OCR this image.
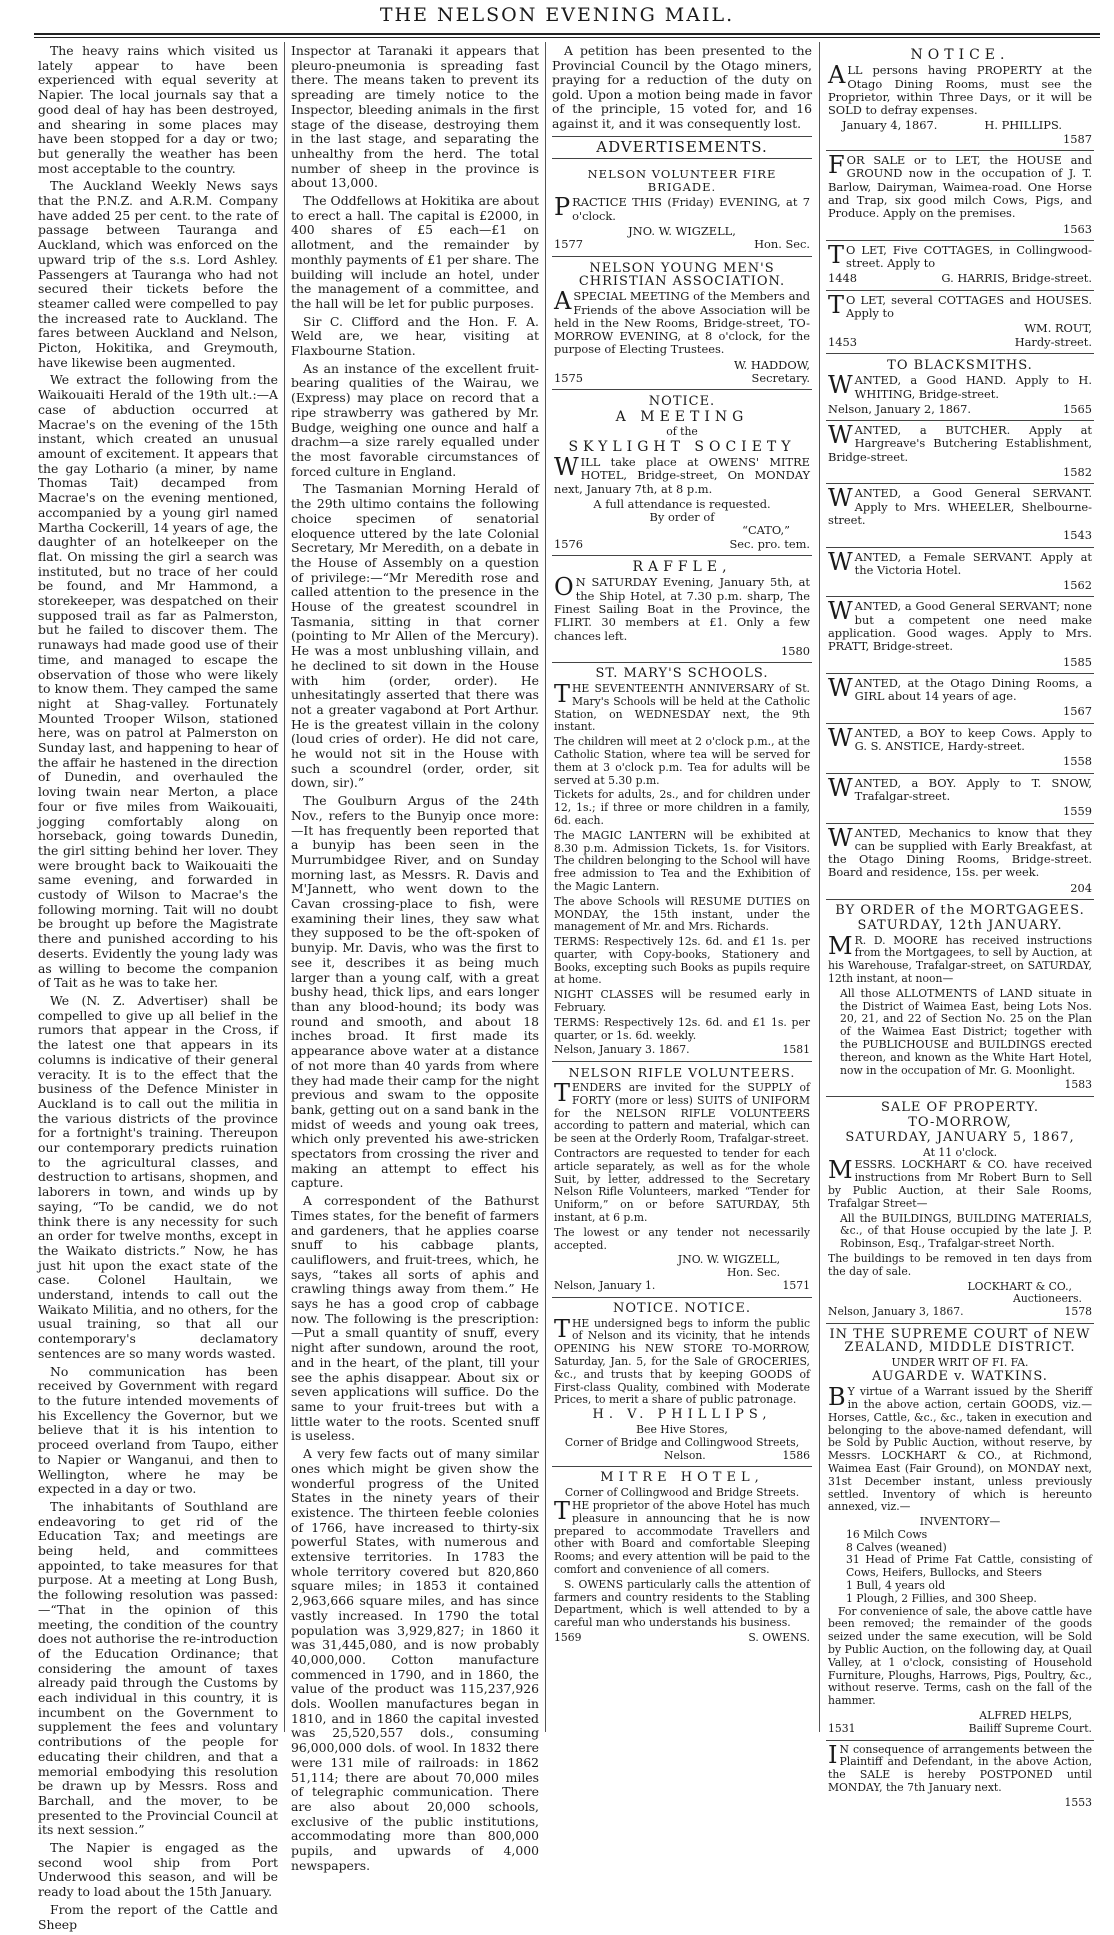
THE NELSON EVENING MAIL.

The heavy rains which visited us lately appear to have been experienced with equal severity at Napier. The local journals say that a good deal of hay has been destroyed, and shearing in some places may have been stopped for a day or two; but generally the weather has been most acceptable to the country.

The Auckland Weekly News says that the P.N.Z. and A.R.M. Company have added 25 per cent. to the rate of passage between Tauranga and Auckland, which was enforced on the upward trip of the s.s. Lord Ashley. Passengers at Tauranga who had not secured their tickets before the steamer called were compelled to pay the increased rate to Auckland. The fares between Auckland and Nelson, Picton, Hokitika, and Greymouth, have likewise been augmented.

We extract the following from the Waikouaiti Herald of the 19th ult.:—A case of abduction occurred at Macrae's on the evening of the 15th instant, which created an unusual amount of excitement. It appears that the gay Lothario (a miner, by name Thomas Tait) decamped from Macrae's on the evening mentioned, accompanied by a young girl named Martha Cockerill, 14 years of age, the daughter of an hotelkeeper on the flat. On missing the girl a search was instituted, but no trace of her could be found, and Mr Hammond, a storekeeper, was despatched on their supposed trail as far as Palmerston, but he failed to discover them. The runaways had made good use of their time, and managed to escape the observation of those who were likely to know them. They camped the same night at Shag-valley. Fortunately Mounted Trooper Wilson, stationed here, was on patrol at Palmerston on Sunday last, and happening to hear of the affair he hastened in the direction of Dunedin, and overhauled the loving twain near Merton, a place four or five miles from Waikouaiti, jogging comfortably along on horseback, going towards Dunedin, the girl sitting behind her lover. They were brought back to Waikouaiti the same evening, and forwarded in custody of Wilson to Macrae's the following morning. Tait will no doubt be brought up before the Magistrate there and punished according to his deserts. Evidently the young lady was as willing to become the companion of Tait as he was to take her.

We (N. Z. Advertiser) shall be compelled to give up all belief in the rumors that appear in the Cross, if the latest one that appears in its columns is indicative of their general veracity. It is to the effect that the business of the Defence Minister in Auckland is to call out the militia in the various districts of the province for a fortnight's training. Thereupon our contemporary predicts ruination to the agricultural classes, and destruction to artisans, shopmen, and laborers in town, and winds up by saying, “To be candid, we do not think there is any necessity for such an order for twelve months, except in the Waikato districts.” Now, he has just hit upon the exact state of the case. Colonel Haultain, we understand, intends to call out the Waikato Militia, and no others, for the usual training, so that all our contemporary's declamatory sentences are so many words wasted.

No communication has been received by Government with regard to the future intended movements of his Excellency the Governor, but we believe that it is his intention to proceed overland from Taupo, either to Napier or Wanganui, and then to Wellington, where he may be expected in a day or two.

The inhabitants of Southland are endeavoring to get rid of the Education Tax; and meetings are being held, and committees appointed, to take measures for that purpose. At a meeting at Long Bush, the following resolution was passed:—“That in the opinion of this meeting, the condition of the country does not authorise the re-introduction of the Education Ordinance; that considering the amount of taxes already paid through the Customs by each individual in this country, it is incumbent on the Government to supplement the fees and voluntary contributions of the people for educating their children, and that a memorial embodying this resolution be drawn up by Messrs. Ross and Barchall, and the mover, to be presented to the Provincial Council at its next session.”

The Napier is engaged as the second wool ship from Port Underwood this season, and will be ready to load about the 15th January.

From the report of the Cattle and Sheep

Inspector at Taranaki it appears that pleuro-pneumonia is spreading fast there. The means taken to prevent its spreading are timely notice to the Inspector, bleeding animals in the first stage of the disease, destroying them in the last stage, and separating the unhealthy from the herd. The total number of sheep in the province is about 13,000.

The Oddfellows at Hokitika are about to erect a hall. The capital is £2000, in 400 shares of £5 each—£1 on allotment, and the remainder by monthly payments of £1 per share. The building will include an hotel, under the management of a committee, and the hall will be let for public purposes.

Sir C. Clifford and the Hon. F. A. Weld are, we hear, visiting at Flaxbourne Station.

As an instance of the excellent fruit-bearing qualities of the Wairau, we (Express) may place on record that a ripe strawberry was gathered by Mr. Budge, weighing one ounce and half a drachm—a size rarely equalled under the most favorable circumstances of forced culture in England.

The Tasmanian Morning Herald of the 29th ultimo contains the following choice specimen of senatorial eloquence uttered by the late Colonial Secretary, Mr Meredith, on a debate in the House of Assembly on a question of privilege:—“Mr Meredith rose and called attention to the presence in the House of the greatest scoundrel in Tasmania, sitting in that corner (pointing to Mr Allen of the Mercury). He was a most unblushing villain, and he declined to sit down in the House with him (order, order). He unhesitatingly asserted that there was not a greater vagabond at Port Arthur. He is the greatest villain in the colony (loud cries of order). He did not care, he would not sit in the House with such a scoundrel (order, order, sit down, sir).”

The Goulburn Argus of the 24th Nov., refers to the Bunyip once more:—It has frequently been reported that a bunyip has been seen in the Murrumbidgee River, and on Sunday morning last, as Messrs. R. Davis and M'Jannett, who went down to the Cavan crossing-place to fish, were examining their lines, they saw what they supposed to be the oft-spoken of bunyip. Mr. Davis, who was the first to see it, describes it as being much larger than a young calf, with a great bushy head, thick lips, and ears longer than any blood-hound; its body was round and smooth, and about 18 inches broad. It first made its appearance above water at a distance of not more than 40 yards from where they had made their camp for the night previous and swam to the opposite bank, getting out on a sand bank in the midst of weeds and young oak trees, which only prevented his awe-stricken spectators from crossing the river and making an attempt to effect his capture.

A correspondent of the Bathurst Times states, for the benefit of farmers and gardeners, that he applies coarse snuff to his cabbage plants, cauliflowers, and fruit-trees, which, he says, “takes all sorts of aphis and crawling things away from them.” He says he has a good crop of cabbage now. The following is the prescription:—Put a small quantity of snuff, every night after sundown, around the root, and in the heart, of the plant, till your see the aphis disappear. About six or seven applications will suffice. Do the same to your fruit-trees but with a little water to the roots. Scented snuff is useless.

A very few facts out of many similar ones which might be given show the wonderful progress of the United States in the ninety years of their existence. The thirteen feeble colonies of 1766, have increased to thirty-six powerful States, with numerous and extensive territories. In 1783 the whole territory covered but 820,860 square miles; in 1853 it contained 2,963,666 square miles, and has since vastly increased. In 1790 the total population was 3,929,827; in 1860 it was 31,445,080, and is now probably 40,000,000. Cotton manufacture commenced in 1790, and in 1860, the value of the product was 115,237,926 dols. Woollen manufactures began in 1810, and in 1860 the capital invested was 25,520,557 dols., consuming 96,000,000 dols. of wool. In 1832 there were 131 mile of railroads: in 1862 51,114; there are about 70,000 miles of telegraphic communication. There are also about 20,000 schools, exclusive of the public institutions, accommodating more than 800,000 pupils, and upwards of 4,000 newspapers.

A petition has been presented to the Provincial Council by the Otago miners, praying for a reduction of the duty on gold. Upon a motion being made in favor of the principle, 15 voted for, and 16 against it, and it was consequently lost.

ADVERTISEMENTS.
NELSON VOLUNTEER FIRE BRIGADE.

PRACTICE THIS (Friday) EVENING, at 7 o'clock.

JNO. W. WIGZELL,
1577	Hon. Sec.
NELSON YOUNG MEN'S CHRISTIAN ASSOCIATION.

ASPECIAL MEETING of the Members and Friends of the above Association will be held in the New Rooms, Bridge-street, TO-MORROW EVENING, at 8 o'clock, for the purpose of Electing Trustees.

W. HADDOW,
1575	Secretary.
NOTICE.
A MEETING
of the
SKYLIGHT SOCIETY

WILL take place at OWENS' MITRE HOTEL, Bridge-street, On MONDAY next, January 7th, at 8 p.m.

A full attendance is requested.
By order of
“CATO,”
1576	Sec. pro. tem.
RAFFLE,

ON SATURDAY Evening, January 5th, at the Ship Hotel, at 7.30 p.m. sharp, The Finest Sailing Boat in the Province, the FLIRT. 30 members at £1. Only a few chances left.

1580
ST. MARY'S SCHOOLS.

THE SEVENTEENTH ANNIVERSARY of St. Mary's Schools will be held at the Catholic Station, on WEDNESDAY next, the 9th instant.

The children will meet at 2 o'clock p.m., at the Catholic Station, where tea will be served for them at 3 o'clock p.m. Tea for adults will be served at 5.30 p.m.

Tickets for adults, 2s., and for children under 12, 1s.; if three or more children in a family, 6d. each.

The MAGIC LANTERN will be exhibited at 8.30 p.m. Admission Tickets, 1s. for Visitors. The children belonging to the School will have free admission to Tea and the Exhibition of the Magic Lantern.

The above Schools will RESUME DUTIES on MONDAY, the 15th instant, under the management of Mr. and Mrs. Richards.

TERMS: Respectively 12s. 6d. and £1 1s. per quarter, with Copy-books, Stationery and Books, excepting such Books as pupils require at home.

NIGHT CLASSES will be resumed early in February.

TERMS: Respectively 12s. 6d. and £1 1s. per quarter, or 1s. 6d. weekly.

Nelson, January 3. 1867.	1581
NELSON RIFLE VOLUNTEERS.

TENDERS are invited for the SUPPLY of FORTY (more or less) SUITS of UNIFORM for the NELSON RIFLE VOLUNTEERS according to pattern and material, which can be seen at the Orderly Room, Trafalgar-street.

Contractors are requested to tender for each article separately, as well as for the whole Suit, by letter, addressed to the Secretary Nelson Rifle Volunteers, marked “Tender for Uniform,” on or before SATURDAY, 5th instant, at 6 p.m.

The lowest or any tender not necessarily accepted.

JNO. W. WIGZELL,
Hon. Sec.
Nelson, January 1.	1571
NOTICE. NOTICE.

THE undersigned begs to inform the public of Nelson and its vicinity, that he intends OPENING his NEW STORE TO-MORROW, Saturday, Jan. 5, for the Sale of GROCERIES, &c., and trusts that by keeping GOODS of First-class Quality, combined with Moderate Prices, to merit a share of public patronage.

H. V. PHILLIPS,
Bee Hive Stores,
Corner of Bridge and Collingwood Streets,
Nelson.	1586
MITRE HOTEL,
Corner of Collingwood and Bridge Streets.

THE proprietor of the above Hotel has much pleasure in announcing that he is now prepared to accommodate Travellers and other with Board and comfortable Sleeping Rooms; and every attention will be paid to the comfort and convenience of all comers.

S. OWENS particularly calls the attention of farmers and country residents to the Stabling Department, which is well attended to by a careful man who understands his business.

1569	S. OWENS.
NOTICE.

ALL persons having PROPERTY at the Otago Dining Rooms, must see the Proprietor, within Three Days, or it will be SOLD to defray expenses.

January 4, 1867.	H. PHILLIPS.
1587

FOR SALE or to LET, the HOUSE and GROUND now in the occupation of J. T. Barlow, Dairyman, Waimea-road. One Horse and Trap, six good milch Cows, Pigs, and Produce. Apply on the premises.

1563

TO LET, Five COTTAGES, in Collingwood-street. Apply to

1448	G. HARRIS, Bridge-street.

TO LET, several COTTAGES and HOUSES. Apply to

WM. ROUT,
1453	Hardy-street.
TO BLACKSMITHS.

WANTED, a Good HAND. Apply to H. WHITING, Bridge-street.

Nelson, January 2, 1867.	1565

WANTED, a BUTCHER. Apply at Hargreave's Butchering Establishment, Bridge-street.

1582

WANTED, a Good General SERVANT. Apply to Mrs. WHEELER, Shelbourne-street.

1543

WANTED, a Female SERVANT. Apply at the Victoria Hotel.

1562

WANTED, a Good General SERVANT; none but a competent one need make application. Good wages. Apply to Mrs. PRATT, Bridge-street.

1585

WANTED, at the Otago Dining Rooms, a GIRL about 14 years of age.

1567

WANTED, a BOY to keep Cows. Apply to G. S. ANSTICE, Hardy-street.

1558

WANTED, a BOY. Apply to T. SNOW, Trafalgar-street.

1559

WANTED, Mechanics to know that they can be supplied with Early Breakfast, at the Otago Dining Rooms, Bridge-street. Board and residence, 15s. per week.

204
BY ORDER of the MORTGAGEES.
SATURDAY, 12th JANUARY.

MR. D. MOORE has received instructions from the Mortgagees, to sell by Auction, at his Warehouse, Trafalgar-street, on SATURDAY, 12th instant, at noon—

All those ALLOTMENTS of LAND situate in the District of Waimea East, being Lots Nos. 20, 21, and 22 of Section No. 25 on the Plan of the Waimea East District; together with the PUBLICHOUSE and BUILDINGS erected thereon, and known as the White Hart Hotel, now in the occupation of Mr. G. Moonlight.

1583
SALE OF PROPERTY.
TO-MORROW,
SATURDAY, JANUARY 5, 1867,
At 11 o'clock.

MESSRS. LOCKHART & CO. have received instructions from Mr Robert Burn to Sell by Public Auction, at their Sale Rooms, Trafalgar Street—

All the BUILDINGS, BUILDING MATERIALS, &c., of that House occupied by the late J. P. Robinson, Esq., Trafalgar-street North.

The buildings to be removed in ten days from the day of sale.

LOCKHART & CO.,
Auctioneers.
Nelson, January 3, 1867.	1578
IN THE SUPREME COURT of NEW ZEALAND, MIDDLE DISTRICT.
UNDER WRIT OF FI. FA.
AUGARDE v. WATKINS.

BY virtue of a Warrant issued by the Sheriff in the above action, certain GOODS, viz.—Horses, Cattle, &c., &c., taken in execution and belonging to the above-named defendant, will be Sold by Public Auction, without reserve, by Messrs. LOCKHART & CO., at Richmond, Waimea East (Fair Ground), on MONDAY next, 31st December instant, unless previously settled. Inventory of which is hereunto annexed, viz.—

INVENTORY—
16 Milch Cows
8 Calves (weaned)
31 Head of Prime Fat Cattle, consisting of Cows, Heifers, Bullocks, and Steers
1 Bull, 4 years old
1 Plough, 2 Fillies, and 300 Sheep.

For convenience of sale, the above cattle have been removed; the remainder of the goods seized under the same execution, will be Sold by Public Auction, on the following day, at Quail Valley, at 1 o'clock, consisting of Household Furniture, Ploughs, Harrows, Pigs, Poultry, &c., without reserve. Terms, cash on the fall of the hammer.

ALFRED HELPS,
1531	Bailiff Supreme Court.

IN consequence of arrangements between the Plaintiff and Defendant, in the above Action, the SALE is hereby POSTPONED until MONDAY, the 7th January next.

1553
